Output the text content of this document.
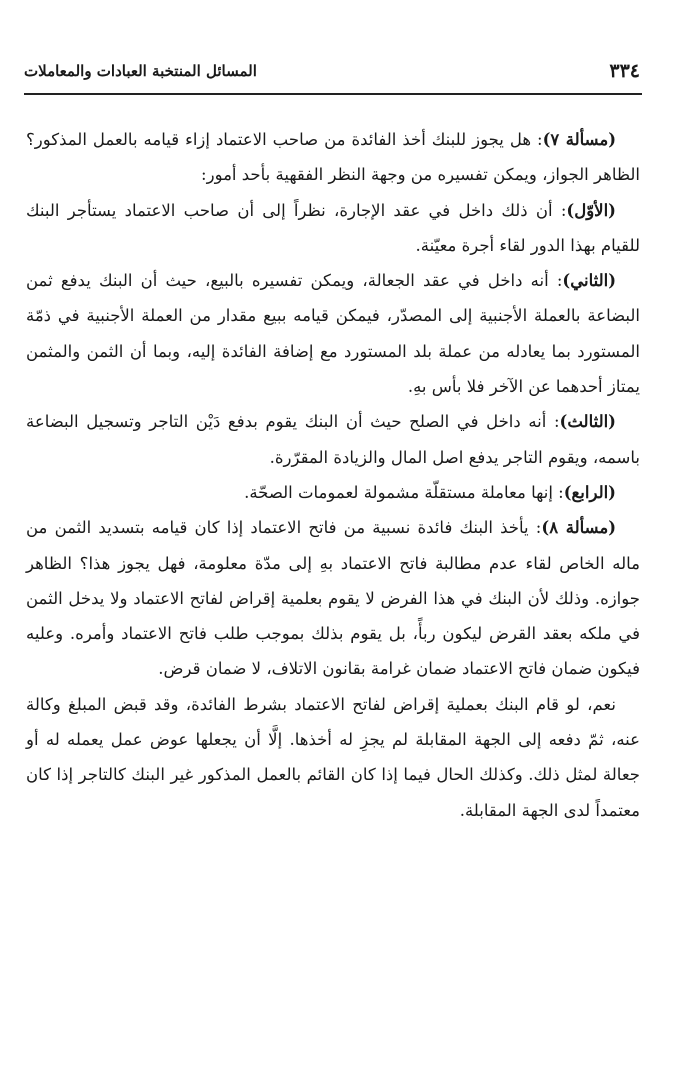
٣٣٤
المسائل المنتخبة العبادات والمعاملات

(مسألة ٧): هل يجوز للبنك أخذ الفائدة من صاحب الاعتماد إزاء قيامه بالعمل المذكور؟ الظاهر الجواز، ويمكن تفسيره من وجهة النظر الفقهية بأحد أمور:

(الأوّل): أن ذلك داخل في عقد الإجارة، نظراً إلى أن صاحب الاعتماد يستأجر البنك للقيام بهذا الدور لقاء أجرة معيّنة.

(الثاني): أنه داخل في عقد الجعالة، ويمكن تفسيره بالبيع، حيث أن البنك يدفع ثمن البضاعة بالعملة الأجنبية إلى المصدّر، فيمكن قيامه ببيع مقدار من العملة الأجنبية في ذمّة المستورد بما يعادله من عملة بلد المستورد مع إضافة الفائدة إليه، وبما أن الثمن والمثمن يمتاز أحدهما عن الآخر فلا بأس بهِ.

(الثالث): أنه داخل في الصلح حيث أن البنك يقوم بدفع دَيْن التاجر وتسجيل البضاعة باسمه، ويقوم التاجر يدفع اصل المال والزيادة المقرّرة.

(الرابع): إنها معاملة مستقلّة مشمولة لعمومات الصحّة.

(مسألة ٨): يأخذ البنك فائدة نسبية من فاتح الاعتماد إذا كان قيامه بتسديد الثمن من ماله الخاص لقاء عدم مطالبة فاتح الاعتماد بهِ إلى مدّة معلومة، فهل يجوز هذا؟ الظاهر جوازه. وذلك لأن البنك في هذا الفرض لا يقوم بعلمية إقراض لفاتح الاعتماد ولا يدخل الثمن في ملكه بعقد القرض ليكون ربأً، بل يقوم بذلك بموجب طلب فاتح الاعتماد وأمره. وعليه فيكون ضمان فاتح الاعتماد ضمان غرامة بقانون الاتلاف، لا ضمان قرض.

نعم، لو قام البنك بعملية إقراض لفاتح الاعتماد بشرط الفائدة، وقد قبض المبلغ وكالة عنه، ثمّ دفعه إلى الجهة المقابلة لم يجزِ له أخذها. إلَّا أن يجعلها عوض عمل يعمله له أو جعالة لمثل ذلك. وكذلك الحال فيما إذا كان القائم بالعمل المذكور غير البنك كالتاجر إذا كان معتمداً لدى الجهة المقابلة.
